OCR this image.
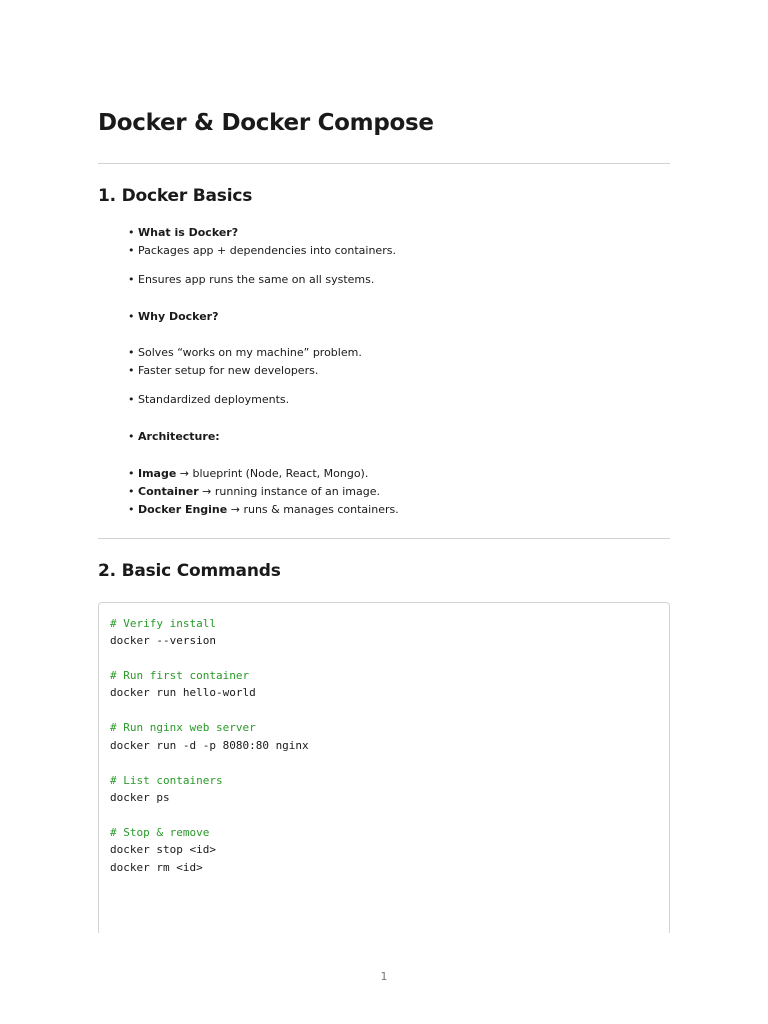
Docker & Docker Compose
1. Docker Basics

• What is Docker?

• Packages app + dependencies into containers.

• Ensures app runs the same on all systems.

• Why Docker?

• Solves “works on my machine” problem.

• Faster setup for new developers.

• Standardized deployments.

• Architecture:

• Image → blueprint (Node, React, Mongo).

• Container → running instance of an image.

• Docker Engine → runs & manages containers.

2. Basic Commands

# Verify install

docker --version

# Run first container

docker run hello-world

# Run nginx web server

docker run -d -p 8080:80 nginx

# List containers

docker ps

# Stop & remove

docker stop <id>

docker rm <id>

1
